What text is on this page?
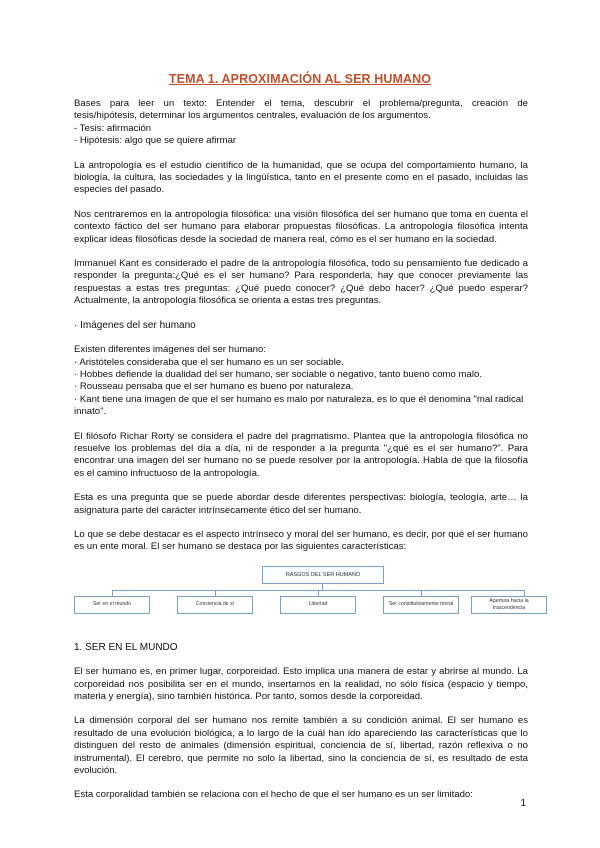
TEMA 1. APROXIMACIÓN AL SER HUMANO

Bases para leer un texto: Entender el tema, descubrir el problema/pregunta, creación de
tesis/hipótesis, determinar los argumentos centrales, evaluación de los argumentos.
- Tesis: afirmación
- Hipótesis: algo que se quiere afirmar

La antropología es el estudio científico de la humanidad, que se ocupa del comportamiento humano, la biología, la cultura, las sociedades y la lingüística, tanto en el presente como en el pasado, incluidas las especies del pasado.

Nos centraremos en la antropología filosófica: una visión filosófica del ser humano que toma en cuenta el contexto fáctico del ser humano para elaborar propuestas filosóficas. La antropología filosófica intenta explicar ideas filosóficas desde la sociedad de manera real, cómo es el ser humano en la sociedad.

Immanuel Kant es considerado el padre de la antropología filosófica, todo su pensamiento fue dedicado a responder la pregunta:¿Qué es el ser humano? Para responderla, hay que conocer previamente las respuestas a estas tres preguntas: ¿Qué puedo conocer? ¿Qué debo hacer? ¿Qué puedo esperar? Actualmente, la antropología filosófica se orienta a estas tres preguntas.

· Imágenes del ser humano

Existen diferentes imágenes del ser humano:
· Aristóteles consideraba que el ser humano es un ser sociable.
· Hobbes defiende la dualidad del ser humano, ser sociable o negativo, tanto bueno como malo.
· Rousseau pensaba que el ser humano es bueno por naturaleza.
· Kant tiene una imagen de que el ser humano es malo por naturaleza, es lo que él denomina "mal radical innato".

El filósofo Richar Rorty se considera el padre del pragmatismo. Plantea que la antropología filosófica no resuelve los problemas del día a día, ni de responder a la pregunta "¿qué es el ser humano?". Para encontrar una imagen del ser humano no se puede resolver por la antropología. Habla de que la filosofía es el camino infructuoso de la antropología.

Esta es una pregunta que se puede abordar desde diferentes perspectivas: biología, teología, arte… la asignatura parte del carácter intrínsecamente ético del ser humano.

Lo que se debe destacar es el aspecto intrínseco y moral del ser humano, es decir, por qué el ser humano es un ente moral. El ser humano se destaca por las siguientes características:

RASGOS DEL SER HUMANO
Ser en el mundo	Conciencia de sí	Libertad	Ser constitutivamente moral
Apertura hacia la trascendencia

1. SER EN EL MUNDO

El ser humano es, en primer lugar, corporeidad. Esto implica una manera de estar y abrirse al mundo. La corporeidad nos posibilita ser en el mundo, insertarnos en la realidad, no sólo física (espacio y tiempo, materia y energía), sino también histórica. Por tanto, somos desde la corporeidad.

La dimensión corporal del ser humano nos remite también a su condición animal. El ser humano es resultado de una evolución biológica, a lo largo de la cuál han ido apareciendo las características que lo distinguen del resto de animales (dimensión espiritual, conciencia de sí, libertad, razón reflexiva o no instrumental). El cerebro, que permite no solo la libertad, sino la conciencia de sí, es resultado de esta evolución.

Esta corporalidad también se relaciona con el hecho de que el ser humano es un ser limitado:

1
